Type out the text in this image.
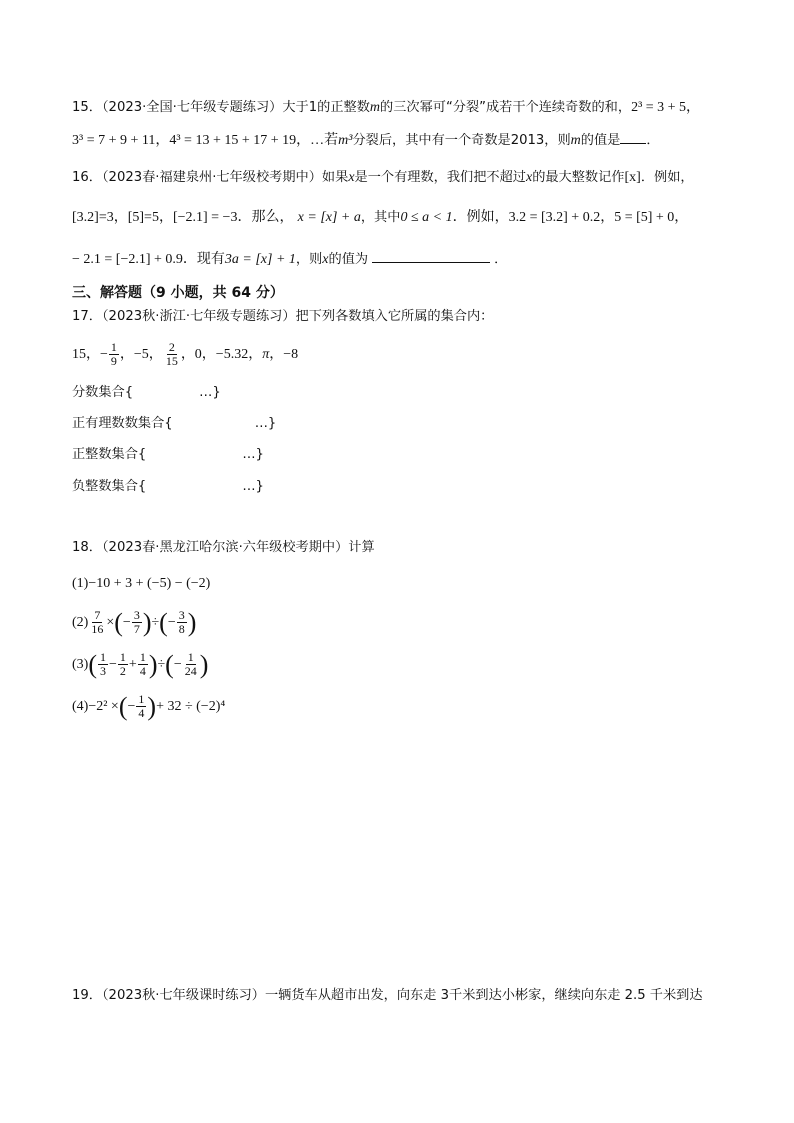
15．（2023·全国·七年级专题练习）大于1的正整数m的三次幂可“分裂”成若干个连续奇数的和，2³ = 3 + 5，
3³ = 7 + 9 + 11，4³ = 13 + 15 + 17 + 19，…若m³分裂后，其中有一个奇数是2013，则m的值是 ．
16．（2023春·福建泉州·七年级校考期中）如果x是一个有理数，我们把不超过x的最大整数记作[x]．例如，
[3.2]=3，[5]=5，[−2.1] = −3．那么， x = [x] + a，其中0 ≤ a < 1．例如，3.2 = [3.2] + 0.2，5 = [5] + 0，
− 2.1 = [−2.1] + 0.9．现有3a = [x] + 1，则x的值为	．
三、解答题（9 小题，共 64 分）
17．（2023秋·浙江·七年级专题练习）把下列各数填入它所属的集合内：
15，− $\frac{1}{9}$ ，−5， $\frac{2}{15}$ ，0，−5.32，π，−8
分数集合{	…}
正有理数数集合{	…}
正整数集合{	…}
负整数集合{	…}
18．（2023春·黑龙江哈尔滨·六年级校考期中）计算
(1)−10 + 3 + (−5) − (−2)
$(2) \frac{7}{16}$ ×(− $\frac{3}{7}$ )÷(− $\frac{3}{8}$ )
$(3)( \frac{1}{3} - \frac{1}{2} + \frac{1}{4}$ )÷(− $\frac{1}{24}$ )
(4)−2² ×(− $\frac{1}{4}$ )+ 32 ÷ (−2)⁴
19．（2023秋·七年级课时练习）一辆货车从超市出发，向东走 3千米到达小彬家，继续向东走 2.5 千米到达
